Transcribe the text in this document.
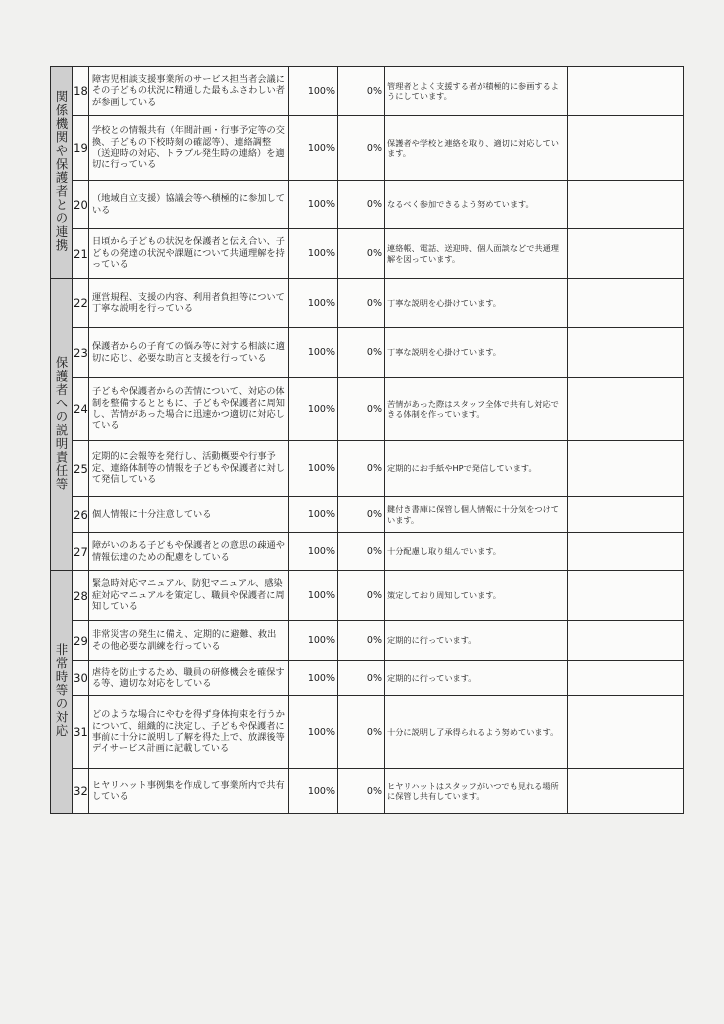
関係機関や保護者との連携	18	障害児相談支援事業所のサービス担当者会議にその子どもの状況に精通した最もふさわしい者が参画している	100%	0%	管理者とよく支援する者が積極的に参画するようにしています。	
	19	学校との情報共有（年間計画・行事予定等の交換、子どもの下校時刻の確認等）、連絡調整（送迎時の対応、トラブル発生時の連絡）を適切に行っている	100%	0%	保護者や学校と連絡を取り、適切に対応しています。	
	20	（地域自立支援）協議会等へ積極的に参加している	100%	0%	なるべく参加できるよう努めています。	
	21	日頃から子どもの状況を保護者と伝え合い、子どもの発達の状況や課題について共通理解を持っている	100%	0%	連絡帳、電話、送迎時、個人面談などで共通理解を図っています。	
保護者への説明責任等	22	運営規程、支援の内容、利用者負担等について丁寧な説明を行っている	100%	0%	丁寧な説明を心掛けています。	
	23	保護者からの子育ての悩み等に対する相談に適切に応じ、必要な助言と支援を行っている	100%	0%	丁寧な説明を心掛けています。	
	24	子どもや保護者からの苦情について、対応の体制を整備するとともに、子どもや保護者に周知し、苦情があった場合に迅速かつ適切に対応している	100%	0%	苦情があった際はスタッフ全体で共有し対応できる体制を作っています。	
	25	定期的に会報等を発行し、活動概要や行事予定、連絡体制等の情報を子どもや保護者に対して発信している	100%	0%	定期的にお手紙やHPで発信しています。	
	26	個人情報に十分注意している	100%	0%	鍵付き書庫に保管し個人情報に十分気をつけています。	
	27	障がいのある子どもや保護者との意思の疎通や情報伝達のための配慮をしている	100%	0%	十分配慮し取り組んでいます。	
非常時等の対応	28	緊急時対応マニュアル、防犯マニュアル、感染症対応マニュアルを策定し、職員や保護者に周知している	100%	0%	策定しており周知しています。	
	29	非常災害の発生に備え、定期的に避難、救出その他必要な訓練を行っている	100%	0%	定期的に行っています。	
	30	虐待を防止するため、職員の研修機会を確保する等、適切な対応をしている	100%	0%	定期的に行っています。	
	31	どのような場合にやむを得ず身体拘束を行うかについて、組織的に決定し、子どもや保護者に事前に十分に説明し了解を得た上で、放課後等デイサービス計画に記載している	100%	0%	十分に説明し了承得られるよう努めています。	
	32	ヒヤリハット事例集を作成して事業所内で共有している	100%	0%	ヒヤリハットはスタッフがいつでも見れる場所に保管し共有しています。	
